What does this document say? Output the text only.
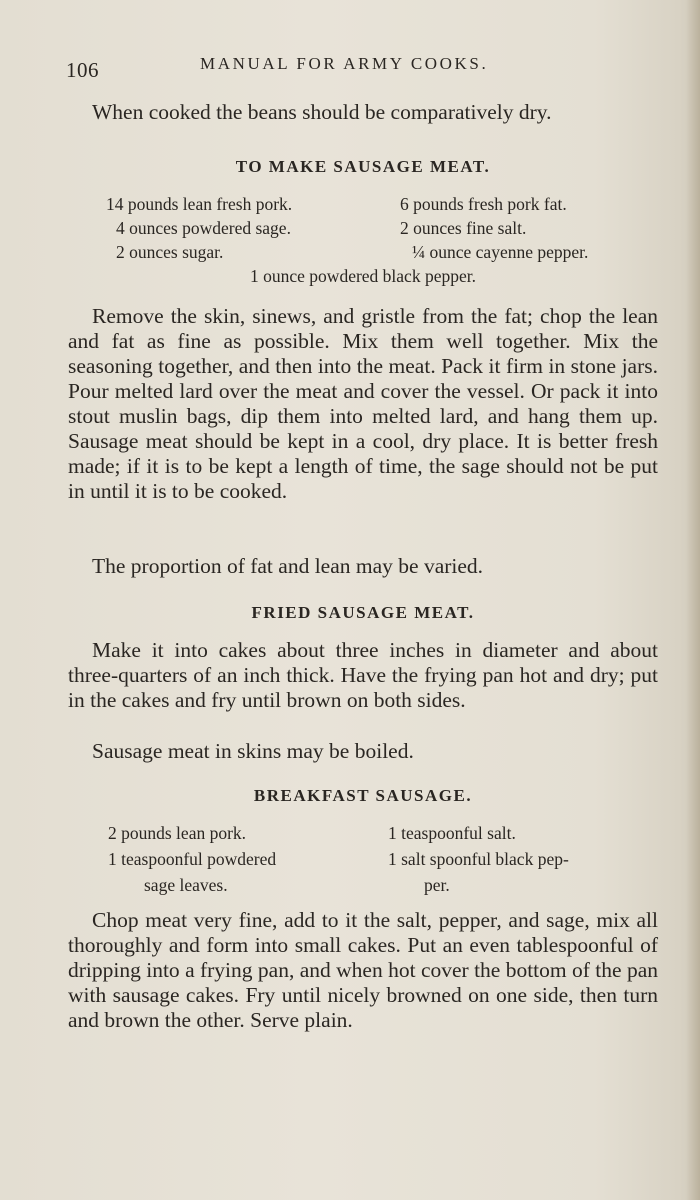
106	MANUAL FOR ARMY COOKS.

When cooked the beans should be comparatively dry.

TO MAKE SAUSAGE MEAT.
14 pounds lean fresh pork.
4 ounces powdered sage.
2 ounces sugar.
6 pounds fresh pork fat.
2 ounces fine salt.
¼ ounce cayenne pepper.

1 ounce powdered black pepper.

Remove the skin, sinews, and gristle from the fat; chop the lean and fat as fine as possible. Mix them well together. Mix the seasoning together, and then into the meat. Pack it firm in stone jars. Pour melted lard over the meat and cover the vessel. Or pack it into stout muslin bags, dip them into melted lard, and hang them up. Sausage meat should be kept in a cool, dry place. It is better fresh made; if it is to be kept a length of time, the sage should not be put in until it is to be cooked.

The proportion of fat and lean may be varied.

FRIED SAUSAGE MEAT.

Make it into cakes about three inches in diameter and about three-quarters of an inch thick. Have the frying pan hot and dry; put in the cakes and fry until brown on both sides.

Sausage meat in skins may be boiled.

BREAKFAST SAUSAGE.
2 pounds lean pork.
1 teaspoonful powdered
sage leaves.
1 teaspoonful salt.
1 salt spoonful black pep-
per.

Chop meat very fine, add to it the salt, pepper, and sage, mix all thoroughly and form into small cakes. Put an even tablespoonful of dripping into a frying pan, and when hot cover the bottom of the pan with sausage cakes. Fry until nicely browned on one side, then turn and brown the other. Serve plain.
